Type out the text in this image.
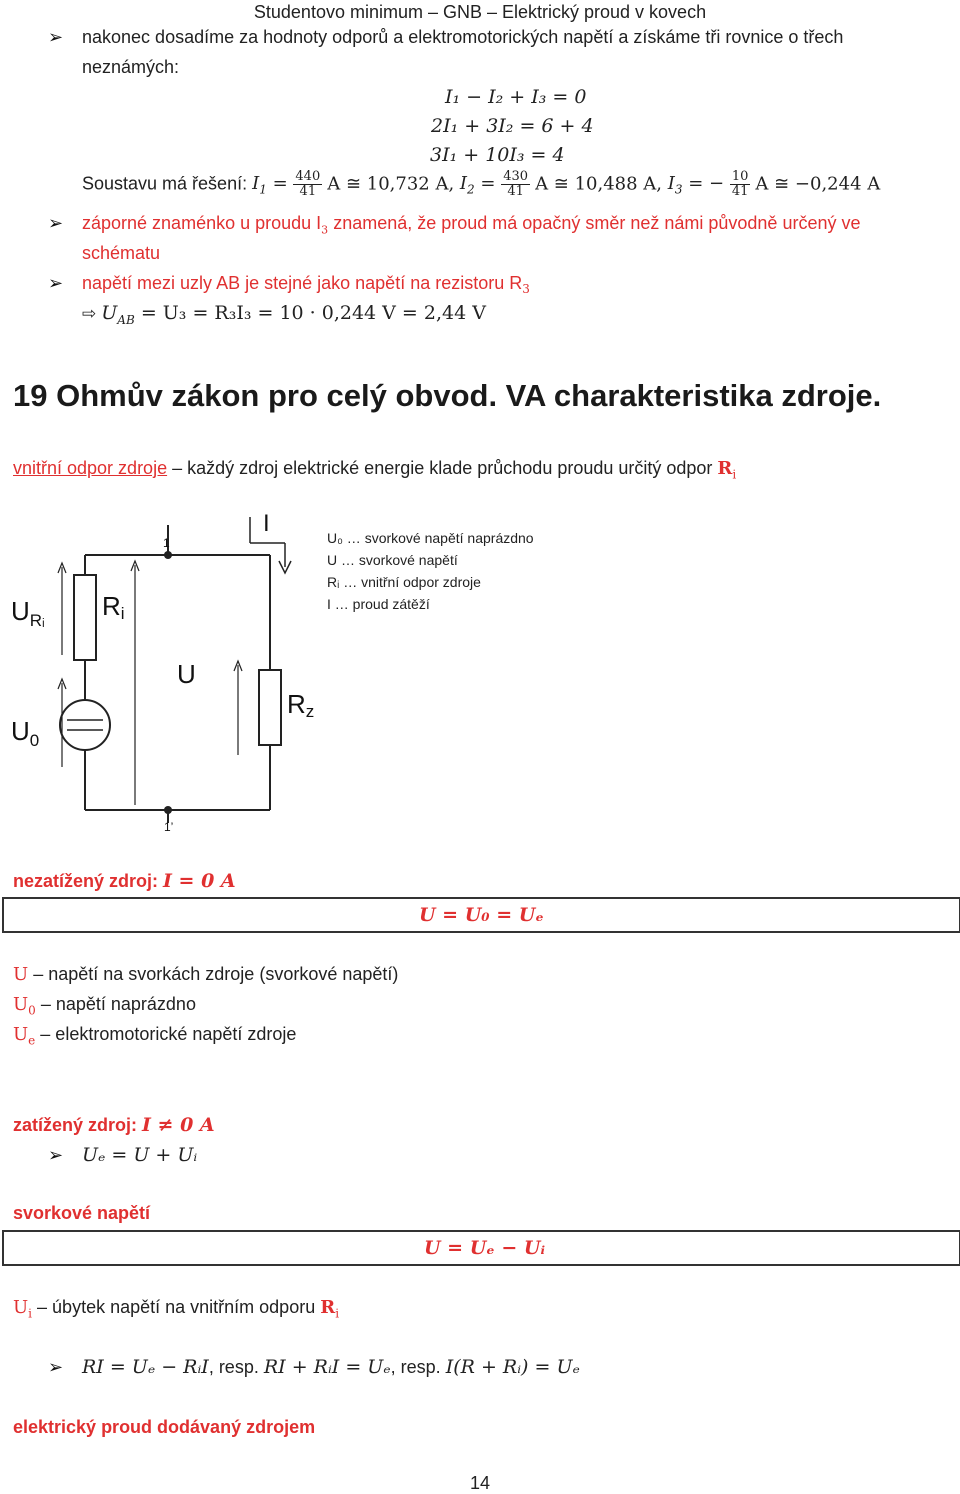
Studentovo minimum – GNB – Elektrický proud v kovech
➢ nakonec dosadíme za hodnoty odporů a elektromotorických napětí a získáme tři rovnice o třech
neznámých:
I₁ − I₂ + I₃ = 0
2I₁ + 3I₂ = 6 + 4
3I₁ + 10I₃ = 4
Soustavu má řešení: $I_1 = \frac{440}{41}$ A ≅ 10,732 A, $I_2 = \frac{430}{41}$ A ≅ 10,488 A, $I_3$ = − $\frac{10}{41}$ A ≅ −0,244 A
➢ záporné znaménko u proudu $I_3$ znamená, že proud má opačný směr než námi původně určený ve
schématu
➢ napětí mezi uzly AB je stejné jako napětí na rezistoru $R_3$
⇨ $U_{AB} = U_3 = R_3I_3 = 10 \cdot 0,244$ V = 2,44 V
19 Ohmův zákon pro celý obvod. VA charakteristika zdroje.
vnitřní odpor zdroje – každý zdroj elektrické energie klade průchodu proudu určitý odpor $R_i$
I
1
1’
$U_{Rᵢ}$ Ri
U
Rz
$U_0$
U₀ … svorkové napětí naprázdno
U … svorkové napětí
Rᵢ … vnitřní odpor zdroje
I … proud zátěží
nezatížený zdroj: I = 0 A
U = U₀ = Uₑ
U – napětí na svorkách zdroje (svorkové napětí)
$U_0$ – napětí naprázdno
$U_e$ – elektromotorické napětí zdroje
zatížený zdroj: I ≠ 0 A
➢ Uₑ = U + Uᵢ
svorkové napětí
U = Uₑ − Uᵢ
$U_i$ – úbytek napětí na vnitřním odporu $R_i$
➢ RI = Uₑ − RᵢI, resp. RI + RᵢI = Uₑ, resp. I(R + Rᵢ) = Uₑ
elektrický proud dodávaný zdrojem
14
